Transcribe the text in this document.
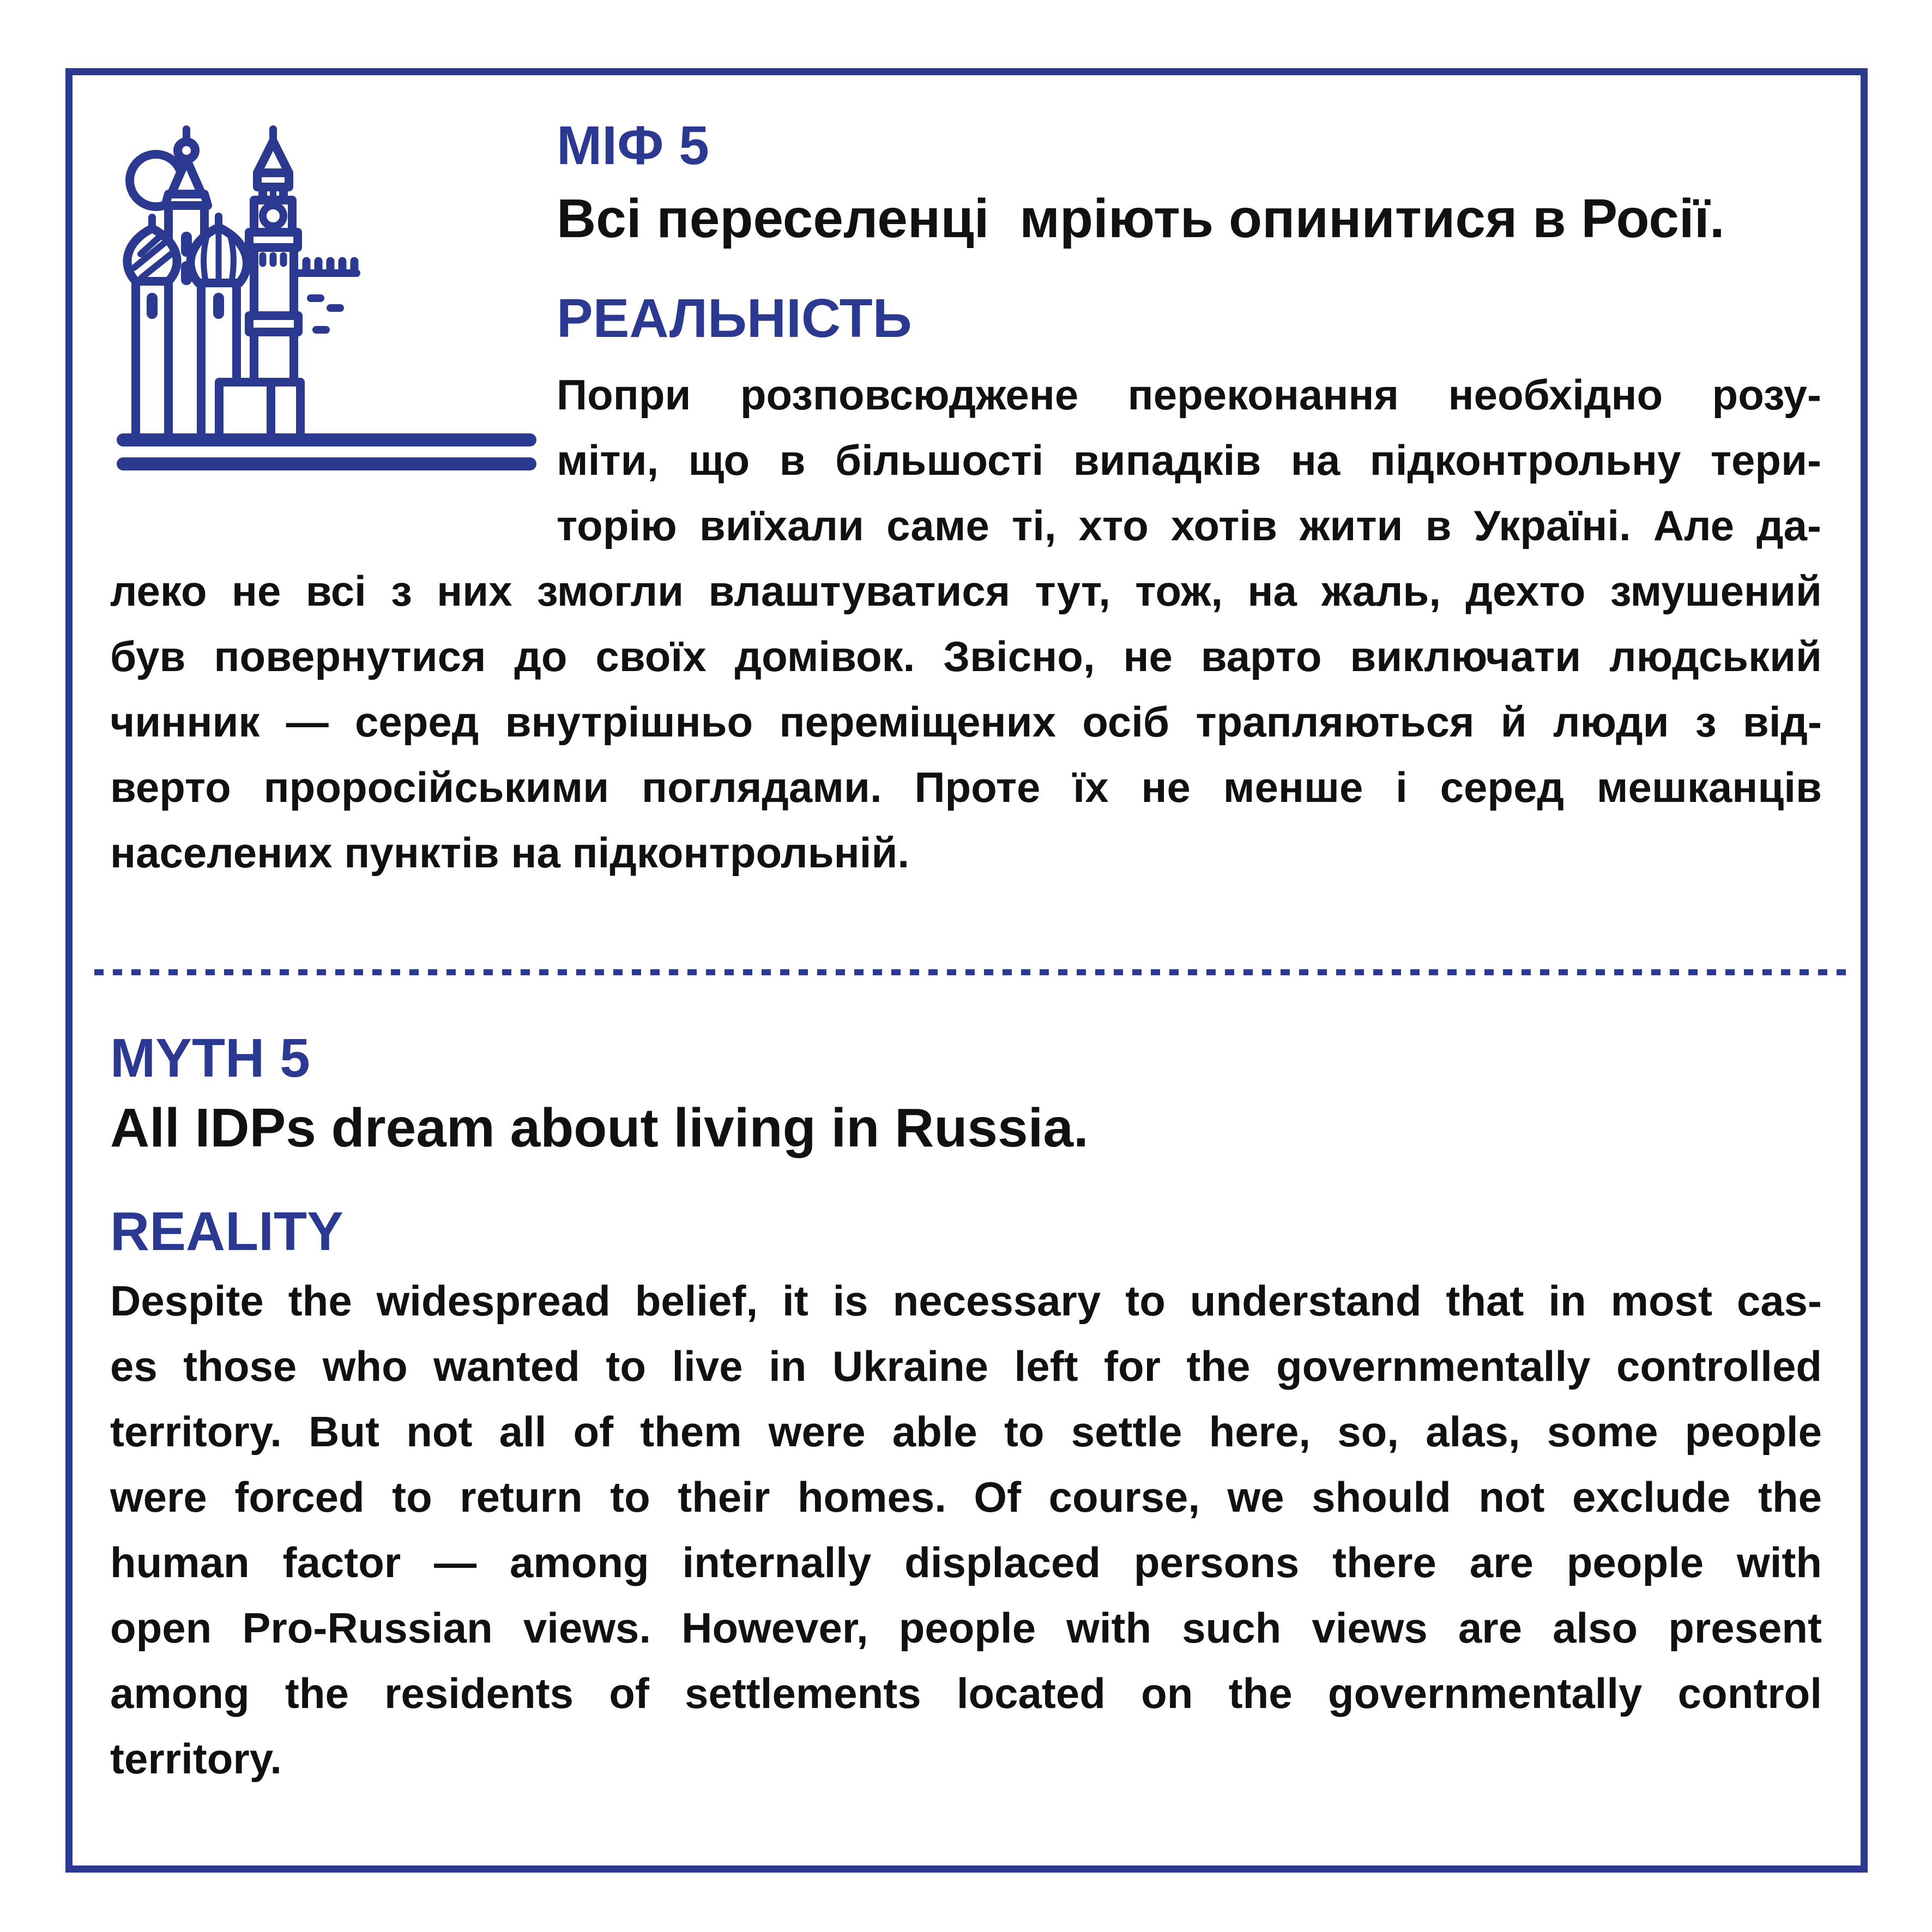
МІФ 5
Всі переселенці  мріють опинитися в Росії.
РЕАЛЬНІСТЬ
Попри розповсюджене переконання необхідно розу-
міти, що в більшості випадків на підконтрольну тери-
торію виїхали саме ті, хто хотів жити в Україні. Але да-
леко не всі з них змогли влаштуватися тут, тож, на жаль, дехто змушений
був повернутися до своїх домівок. Звісно, не варто виключати людський
чинник — серед внутрішньо переміщених осіб трапляються й люди з від-
верто проросійськими поглядами. Проте їх не менше і серед мешканців
населених пунктів на підконтрольній.
MYTH 5
All IDPs dream about living in Russia.
REALITY
Despite the widespread belief, it is necessary to understand that in most cas-
es those who wanted to live in Ukraine left for the governmentally controlled
territory. But not all of them were able to settle here, so, alas, some people
were forced to return to their homes. Of course, we should not exclude the
human factor — among internally displaced persons there are people with
open Pro-Russian views. However, people with such views are also present
among the residents of settlements located on the governmentally control
territory.
